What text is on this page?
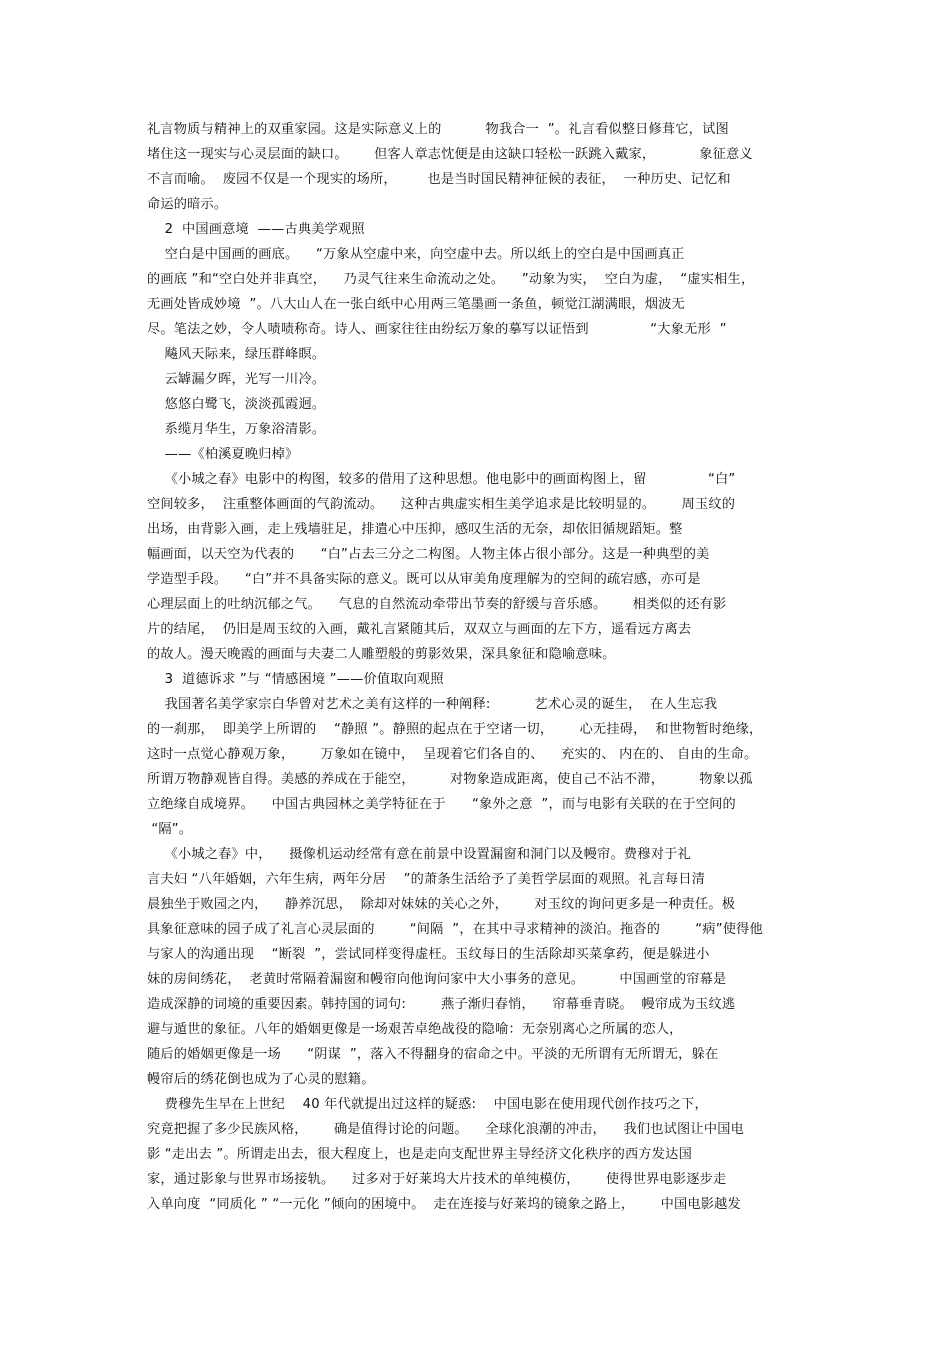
礼言物质与精神上的双重家园。这是实际意义上的          物我合一  ”。礼言看似整日修葺它，试图
堵住这一现实与心灵层面的缺口。      但客人章志忱便是由这缺口轻松一跃跳入戴家，          象征意义
不言而喻。  废园不仅是一个现实的场所，       也是当时国民精神征候的表征，  一种历史、记忆和
命运的暗示。
2  中国画意境  ——古典美学观照
空白是中国画的画底。    “万象从空虚中来，向空虚中去。所以纸上的空白是中国画真正
的画底 ”和“空白处并非真空，    乃灵气往来生命流动之处。    ”动象为实，  空白为虚，  “虚实相生，
无画处皆成妙境  ”。八大山人在一张白纸中心用两三笔墨画一条鱼，顿觉江湖满眼，烟波无
尽。笔法之妙，令人啧啧称奇。诗人、画家往往由纷纭万象的摹写以证悟到              “大象无形  ”
飚风天际来，绿压群峰瞑。
云罅漏夕晖，光写一川冷。
悠悠白鹭飞，淡淡孤霞迥。
系缆月华生，万象浴清影。
——《柏溪夏晚归棹》
《小城之春》电影中的构图，较多的借用了这种思想。他电影中的画面构图上，留              “白”
空间较多，  注重整体画面的气韵流动。    这种古典虚实相生美学追求是比较明显的。      周玉纹的
出场，由背影入画，走上残墙驻足，排遣心中压抑，感叹生活的无奈，却依旧循规蹈矩。整
幅画面，以天空为代表的      “白”占去三分之二构图。人物主体占很小部分。这是一种典型的美
学造型手段。    “白”并不具备实际的意义。既可以从审美角度理解为的空间的疏宕感，亦可是
心理层面上的吐纳沉郁之气。    气息的自然流动牵带出节奏的舒缓与音乐感。      相类似的还有影
片的结尾，  仍旧是周玉纹的入画，戴礼言紧随其后，双双立与画面的左下方，遥看远方离去
的故人。漫天晚霞的画面与夫妻二人雕塑般的剪影效果，深具象征和隐喻意味。
3  道德诉求 ”与 “情感困境 ”——价值取向观照
我国著名美学家宗白华曾对艺术之美有这样的一种阐释:          艺术心灵的诞生，  在人生忘我
的一刹那，  即美学上所谓的    “静照 ”。静照的起点在于空诸一切，      心无挂碍，  和世物暂时绝缘，
这时一点觉心静观万象，      万象如在镜中，  呈现着它们各自的、    充实的、 内在的、 自由的生命。
所谓万物静观皆自得。美感的养成在于能空，        对物象造成距离，使自己不沾不滞，        物象以孤
立绝缘自成境界。    中国古典园林之美学特征在于      “象外之意  ”，而与电影有关联的在于空间的
“隔”。
《小城之春》中，    摄像机运动经常有意在前景中设置漏窗和洞门以及幔帘。费穆对于礼
言夫妇 “八年婚姻，六年生病，两年分居    ”的萧条生活给予了美哲学层面的观照。礼言每日清
晨独坐于败园之内，    静养沉思，  除却对妹妹的关心之外，      对玉纹的询问更多是一种责任。极
具象征意味的园子成了礼言心灵层面的        “间隔  ”，在其中寻求精神的淡泊。拖沓的        “病”使得他
与家人的沟通出现    “断裂  ”，尝试同样变得虚枉。玉纹每日的生活除却买菜拿药，便是躲进小
妹的房间绣花，  老黄时常隔着漏窗和幔帘向他询问家中大小事务的意见。        中国画堂的帘幕是
造成深静的词境的重要因素。韩持国的词句:        燕子渐归春悄，    帘幕垂青晓。  幔帘成为玉纹逃
避与遁世的象征。八年的婚姻更像是一场艰苦卓绝战役的隐喻：无奈别离心之所属的恋人，
随后的婚姻更像是一场      “阴谋  ”，落入不得翻身的宿命之中。平淡的无所谓有无所谓无，躲在
幔帘后的绣花倒也成为了心灵的慰籍。
费穆先生早在上世纪    40 年代就提出过这样的疑惑:    中国电影在使用现代创作技巧之下，
究竟把握了多少民族风格，      确是值得讨论的问题。    全球化浪潮的冲击，    我们也试图让中国电
影 “走出去 ”。所谓走出去，很大程度上，也是走向支配世界主导经济文化秩序的西方发达国
家，通过影象与世界市场接轨。    过多对于好莱坞大片技术的单纯模仿，      使得世界电影逐步走
入单向度  “同质化 ” “一元化 ”倾向的困境中。  走在连接与好莱坞的镜象之路上，      中国电影越发
